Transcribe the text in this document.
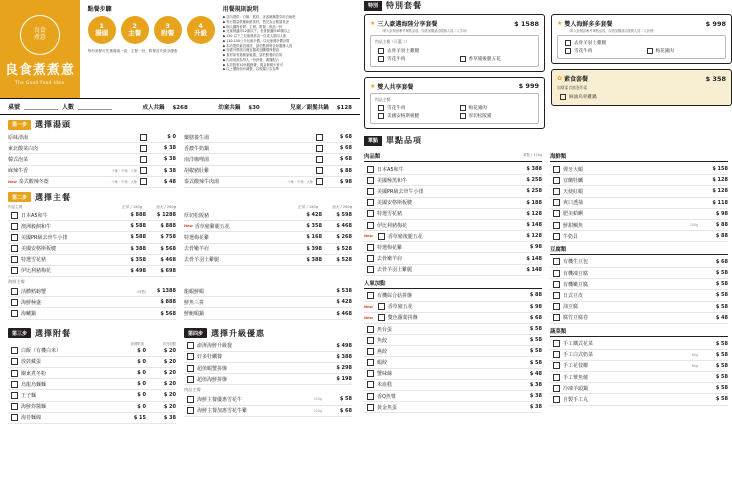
良食
煮意
良食煮煮意
The Good Food Idea
點餐步驟
1
湯頭
2
主餐
3
附餐
4
升級
每份套餐可任選湯頭一款、主餐一份、附餐及升級享優惠
用餐規則說明
◆ 店內提供：白飯、飲料、冰淇淋無限享用自助吧
◆ 每日限量供應新鮮食材，售完為止敬請見諒
◆ 個人鍋物皆附：主餐、附餐、飲品一杯
◆ 兒童餐適用12歲以下，長者餐適用65歲以上
◆ 110 以下之兒童餐需由一位成人陪同入座
◆ 110-150公分兒童半價，以兒童餐計價計算
◆ 本店提供素食湯底，請於點餐時告知服務人員
◆ 如需外帶請自備容器或加購環保餐盒
◆ 食材如有過敏原疑慮，請於點餐前告知
◆ 內用低消為每人一份套餐，謝謝配合
◆ 本店酌收10%服務費，現金與刷卡皆可
◆ 以上價格如有調整，以現場公告為準
桌號	人數	成人共鍋 $268	幼童共鍋 $30	兒童／銀髮共鍋 $128
第一步	選擇湯頭
原味清湯	$ 0
東北酸菜白肉	$ 38
韓式泡菜	$ 38
麻辣牛香	小辣・中辣・大辣	$ 38
New 泰式酸辣冬蔭	小辣・中辣・大辣	$ 48
藥膳養生湯	$ 68
香濃牛奶鍋	$ 68
南洋咖哩湯	$ 68
胡椒豬肚雞	$ 88
泰式酸辣牛肉湯	小辣・中辣・大辣	$ 98
第二步	選擇主餐
肉品主餐	正常 / 150g	加大 / 250g	正常 / 150g	加大 / 250g
日本A5和牛	$ 888	$ 1288
澳洲穀飼和牛	$ 588	$ 888
美國PR級去骨牛小排	$ 588	$ 758
美國安格斯板腱	$ 388	$ 568
特選雪花豬	$ 358	$ 468
伊比利豬梅花	$ 498	$ 698
厚切松阪豬	$ 428	$ 598
New 香草豬雞腿五花	$ 358	$ 468
特選梅花雞	$ 168	$ 268
去骨嫩羊肩	$ 398	$ 528
去骨羊羽土雞腿	$ 388	$ 528
海鮮主餐
活體鱈螃蟹	(時價)	$ 1388
海鮮極盛	$ 888
海鱸鍋	$ 568
龍蝦鮮蝦	$ 538
鮮魚三拼	$ 428
鮮鮑蝦鍋	$ 468
第三步	選擇附餐
套餐附加	另外加點
白飯（有機白米）	$ 0	$ 20
放鼓藏蛋	$ 0	$ 20
關東煮冬粉	$ 0	$ 20
烏龍烏麵麵	$ 0	$ 20
王子麵	$ 0	$ 20
海鮮炸醬麵	$ 0	$ 20
海苔麵線	$ 15	$ 38
第四步	選擇升級優惠
澎湃海鮮升級餐	$ 498
好多牡蠣餐	$ 388
超值蝦蟹拼盤	$ 298
超值海鮮拼盤	$ 198
肉品主餐
海鮮主餐優惠雪花牛	120g	$ 58
海鮮主餐加惠雪花牛雞	120g	$ 68
特別	特別套餐
★ 三人豪邁海陸分享套餐	$ 1588
（單人套餐請參考單點品項，如需加購請洽服務人員二人享用）
肉品主餐（可選二）
去骨羊羽土雞腿
雪花牛肉	香草豬後腿五花
★ 雙人共享套餐	$ 999
肉品主餐
雪花牛肉	梅花豬肉
美國安格斯板腱	厚切松阪豬
★ 雙人海鮮多多套餐	$ 998
（單人套餐請參考單點品項，如需加購請洽服務人員二人套餐）
去骨羊羽土雞腿
雪花牛肉	梅花豬肉
✿ 素食套餐	$ 358
加購素食無蛋奶素
麻油烏骨雞鍋
單點	單點品項
肉品類	單點 / 120g
日本A5和牛	$ 388
美國極黑和牛	$ 258
美國PR級去骨牛小排	$ 258
美國安格斯板腱	$ 188
特選雪花豬	$ 128
伊比利豬梅花	$ 148
New	香草豬後腿五花	$ 128
特選梅花雞	$ 98
去骨嫩羊肩	$ 148
去骨羊羽土雞腿	$ 148
人氣加點
有機綜合菇拼盤	$ 88
New	香草豬五花	$ 98
New	雙色蘿蔔拼盤	$ 68
魚台蛋	$ 58
魚餃	$ 58
燕餃	$ 58
蝦餃	$ 58
蟹味絲	$ 48
米血糕	$ 38
香Q魚漿	$ 38
黃金魚蛋	$ 38
海鮮類
彈牙大蝦	$ 158
宜蘭牡蠣	$ 128
天使紅蝦	$ 128
爽口透抽	$ 118
肥美蛤蜊	$ 98
鮮甜鯛魚	100g	$ 88
牛奶貝	$ 88
豆腐類
有機生豆包	$ 68
有機凍豆腐	$ 58
有機嫩豆腐	$ 58
日式豆皮	$ 58
油豆腐	$ 58
腐竹豆腐卷	$ 48
蔬菜類
手工鐵式花菜	$ 58
手工白式奶菜	60g	$ 58
手工花枝椰	60g	$ 58
手工蕈魚燒	$ 58
冷凍羊頭鍋	$ 58
自製手工丸	$ 58
